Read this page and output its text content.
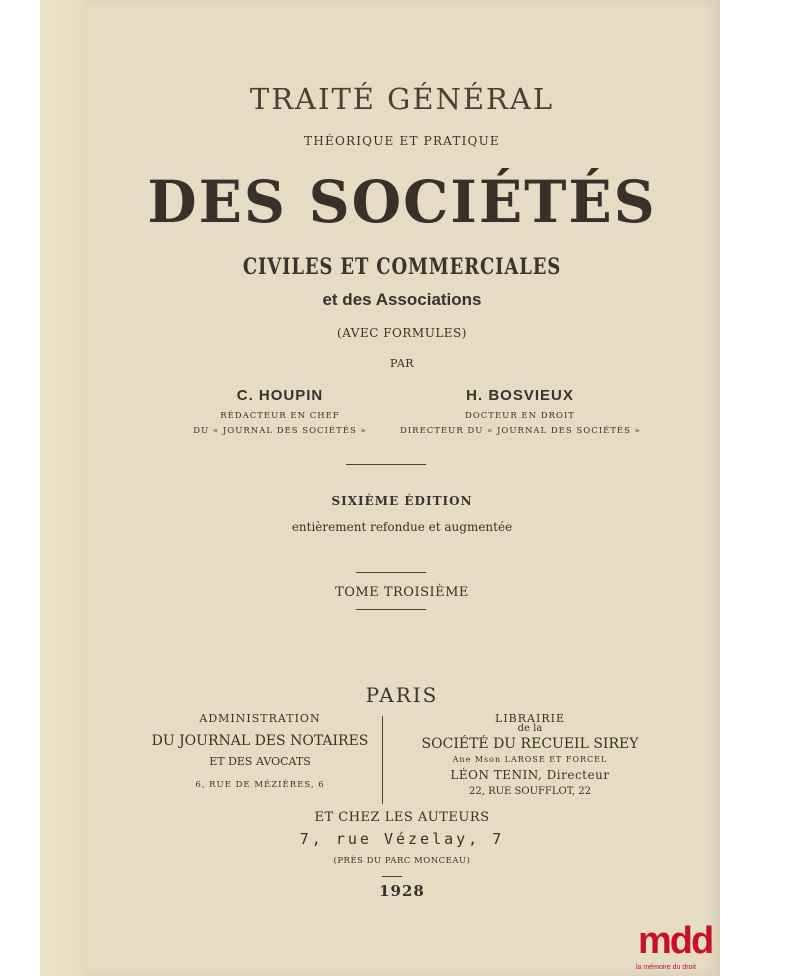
TRAITÉ GÉNÉRAL
THÉORIQUE ET PRATIQUE
DES SOCIÉTÉS
CIVILES ET COMMERCIALES
et des Associations
(AVEC FORMULES)
PAR
C. HOUPIN
RÉDACTEUR EN CHEF
DU « JOURNAL DES SOCIÉTÉS »
H. BOSVIEUX
DOCTEUR EN DROIT
DIRECTEUR DU « JOURNAL DES SOCIÉTÉS »
SIXIÈME ÉDITION
entièrement refondue et augmentée
TOME TROISIÈME
PARIS
ADMINISTRATION
DU JOURNAL DES NOTAIRES
ET DES AVOCATS
6, RUE DE MÉZIÈRES, 6
LIBRAIRIE
de la
SOCIÉTÉ DU RECUEIL SIREY
Ane Mson LAROSE ET FORCEL
LÉON TENIN, Directeur
22, RUE SOUFFLOT, 22
ET CHEZ LES AUTEURS
7, rue Vézelay, 7
(PRÈS DU PARC MONCEAU)
1928
mdd
la mémoire du droit
